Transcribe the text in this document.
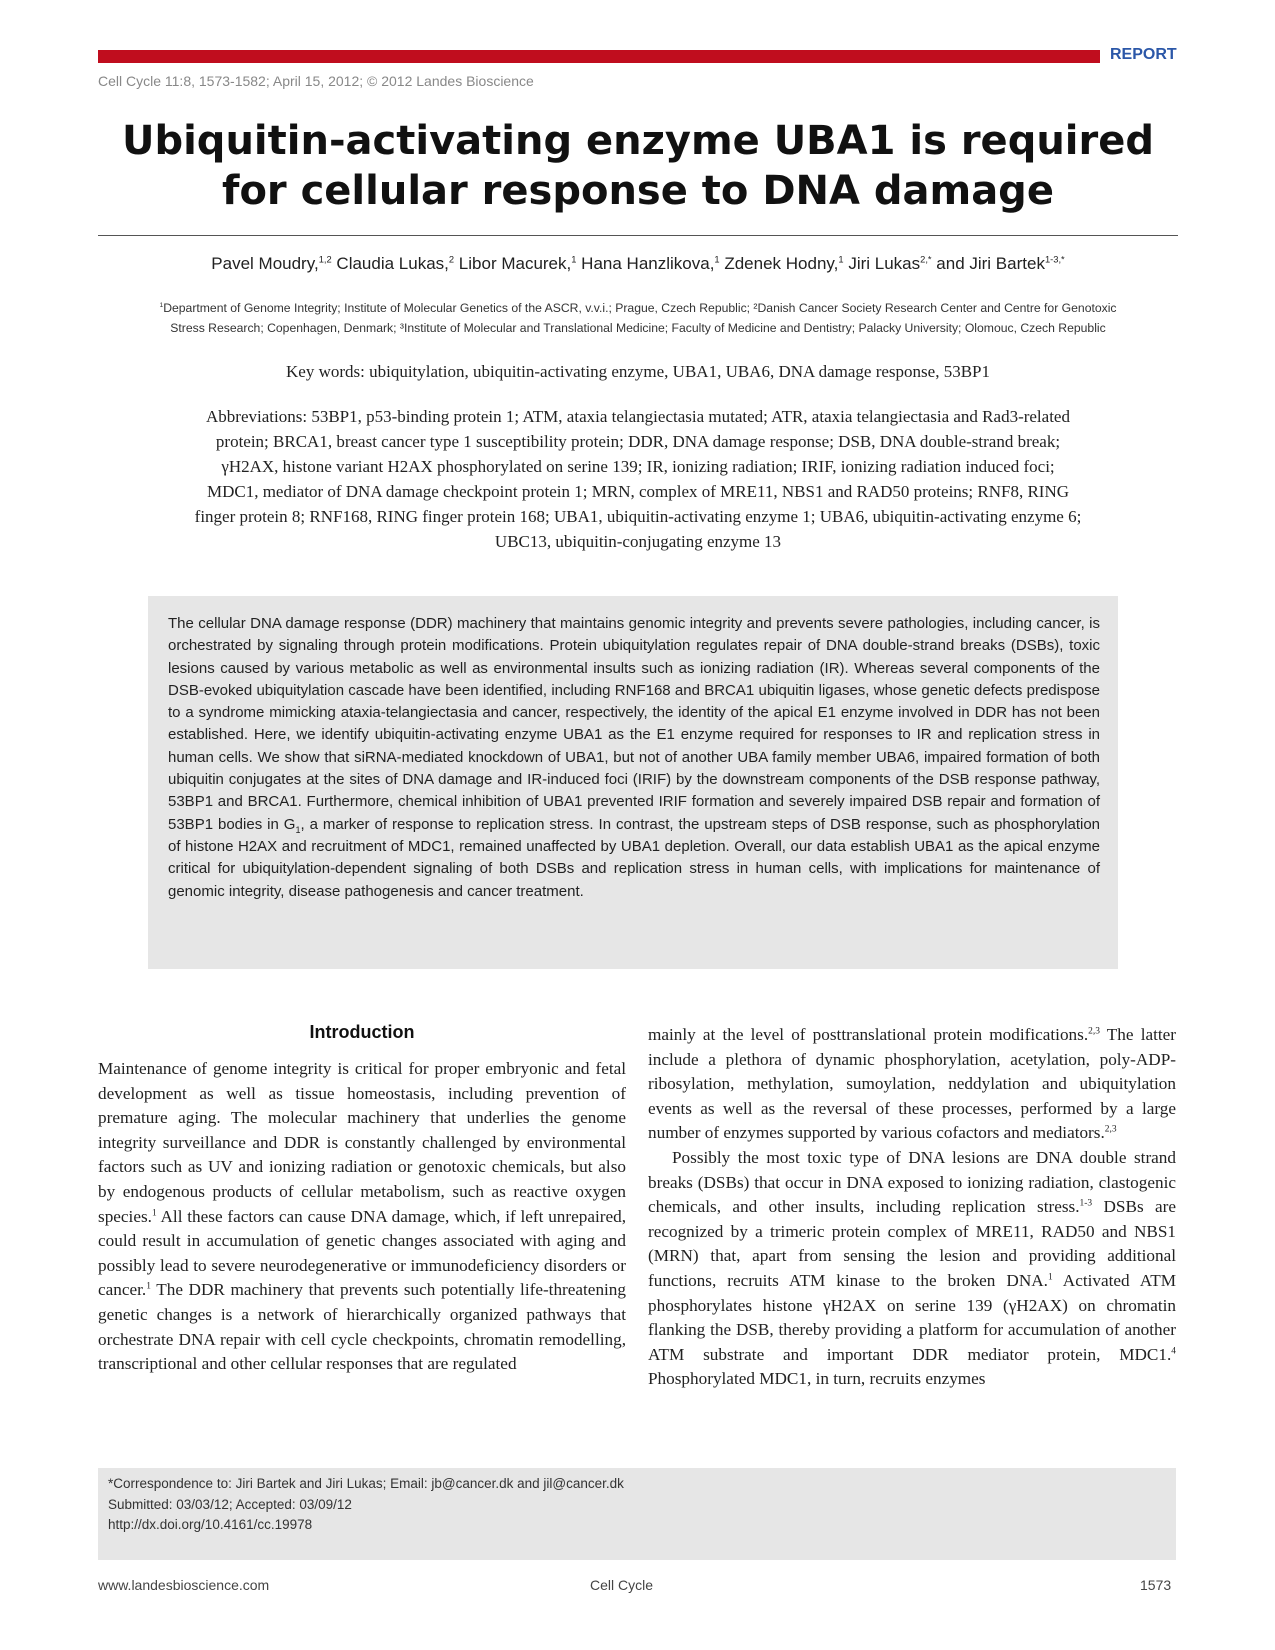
REPORT
Cell Cycle 11:8, 1573-1582; April 15, 2012; © 2012 Landes Bioscience
Ubiquitin-activating enzyme UBA1 is required
for cellular response to DNA damage
Pavel Moudry,$^{1,2}$ Claudia Lukas,$^2$ Libor Macurek,$^1$ Hana Hanzlikova,$^1$ Zdenek Hodny,$^1$ Jiri Lukas$^{2,*}$ and Jiri Bartek$^{1-3,*}$
$^1$Department of Genome Integrity; Institute of Molecular Genetics of the ASCR, v.v.i.; Prague, Czech Republic; ²Danish Cancer Society Research Center and Centre for Genotoxic
Stress Research; Copenhagen, Denmark; ³Institute of Molecular and Translational Medicine; Faculty of Medicine and Dentistry; Palacky University; Olomouc, Czech Republic
Key words: ubiquitylation, ubiquitin-activating enzyme, UBA1, UBA6, DNA damage response, 53BP1
Abbreviations: 53BP1, p53-binding protein 1; ATM, ataxia telangiectasia mutated; ATR, ataxia telangiectasia and Rad3-related
protein; BRCA1, breast cancer type 1 susceptibility protein; DDR, DNA damage response; DSB, DNA double-strand break;
γH2AX, histone variant H2AX phosphorylated on serine 139; IR, ionizing radiation; IRIF, ionizing radiation induced foci;
MDC1, mediator of DNA damage checkpoint protein 1; MRN, complex of MRE11, NBS1 and RAD50 proteins; RNF8, RING
finger protein 8; RNF168, RING finger protein 168; UBA1, ubiquitin-activating enzyme 1; UBA6, ubiquitin-activating enzyme 6;
UBC13, ubiquitin-conjugating enzyme 13
The cellular DNA damage response (DDR) machinery that maintains genomic integrity and prevents severe pathologies, including cancer, is orchestrated by signaling through protein modifications. Protein ubiquitylation regulates repair of DNA double-strand breaks (DSBs), toxic lesions caused by various metabolic as well as environmental insults such as ionizing radiation (IR). Whereas several components of the DSB-evoked ubiquitylation cascade have been identified, including RNF168 and BRCA1 ubiquitin ligases, whose genetic defects predispose to a syndrome mimicking ataxia-telangiectasia and cancer, respectively, the identity of the apical E1 enzyme involved in DDR has not been established. Here, we identify ubiquitin-activating enzyme UBA1 as the E1 enzyme required for responses to IR and replication stress in human cells. We show that siRNA-mediated knockdown of UBA1, but not of another UBA family member UBA6, impaired formation of both ubiquitin conjugates at the sites of DNA damage and IR-induced foci (IRIF) by the downstream components of the DSB response pathway, 53BP1 and BRCA1. Furthermore, chemical inhibition of UBA1 prevented IRIF formation and severely impaired DSB repair and formation of 53BP1 bodies in $G_1$, a marker of response to replication stress. In contrast, the upstream steps of DSB response, such as phosphorylation of histone H2AX and recruitment of MDC1, remained unaffected by UBA1 depletion. Overall, our data establish UBA1 as the apical enzyme critical for ubiquitylation-dependent signaling of both DSBs and replication stress in human cells, with implications for maintenance of genomic integrity, disease pathogenesis and cancer treatment.
Introduction

Maintenance of genome integrity is critical for proper embryonic and fetal development as well as tissue homeostasis, including prevention of premature aging. The molecular machinery that underlies the genome integrity surveillance and DDR is constantly challenged by environmental factors such as UV and ionizing radiation or genotoxic chemicals, but also by endogenous products of cellular metabolism, such as reactive oxygen species.$^1$ All these factors can cause DNA damage, which, if left unrepaired, could result in accumulation of genetic changes associated with aging and possibly lead to severe neurodegenerative or immunodeficiency disorders or cancer.$^1$ The DDR machinery that prevents such potentially life-threatening genetic changes is a network of hierarchically organized pathways that orchestrate DNA repair with cell cycle checkpoints, chromatin remodelling, transcriptional and other cellular responses that are regulated

mainly at the level of posttranslational protein modifications.$^{2,3}$ The latter include a plethora of dynamic phosphorylation, acetylation, poly-ADP-ribosylation, methylation, sumoylation, neddylation and ubiquitylation events as well as the reversal of these processes, performed by a large number of enzymes supported by various cofactors and mediators.$^{2,3}$

Possibly the most toxic type of DNA lesions are DNA double strand breaks (DSBs) that occur in DNA exposed to ionizing radiation, clastogenic chemicals, and other insults, including replication stress.$^{1-3}$ DSBs are recognized by a trimeric protein complex of MRE11, RAD50 and NBS1 (MRN) that, apart from sensing the lesion and providing additional functions, recruits ATM kinase to the broken DNA.$^1$ Activated ATM phosphorylates histone γH2AX on serine 139 (γH2AX) on chromatin flanking the DSB, thereby providing a platform for accumulation of another ATM substrate and important DDR mediator protein, MDC1.$^4$ Phosphorylated MDC1, in turn, recruits enzymes

*Correspondence to: Jiri Bartek and Jiri Lukas; Email: jb@cancer.dk and jil@cancer.dk
Submitted: 03/03/12; Accepted: 03/09/12
http://dx.doi.org/10.4161/cc.19978
www.landesbioscience.com	Cell Cycle	1573
